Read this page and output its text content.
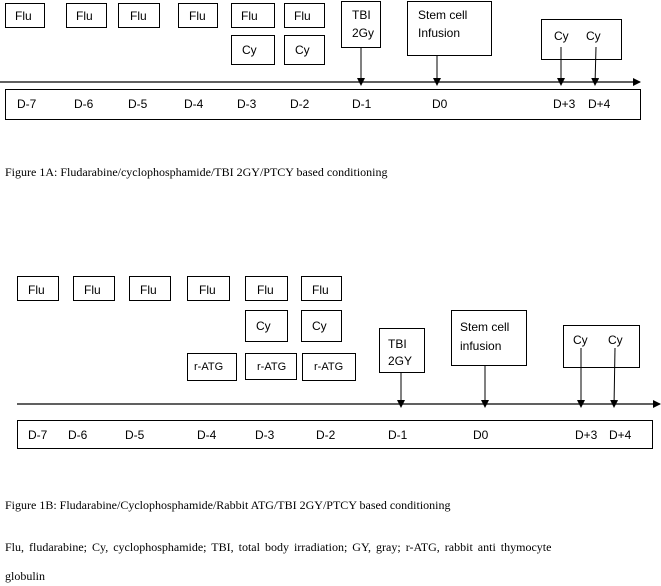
Flu	Flu	Flu	Flu	Flu	Flu
Cy	Cy
TBI
2Gy
Stem cell
Infusion	Cy Cy
D-7	D-6	D-5	D-4	D-3	D-2	D-1	D0	D+3 D+4
Figure 1A: Fludarabine/cyclophosphamide/TBI 2GY/PTCY based conditioning
Flu	Flu	Flu	Flu	Flu	Flu
Cy	Cy
r-ATG	r-ATG	r-ATG
TBI
2GY
Stem cell
infusion	Cy Cy
D-7 D-6	D-5	D-4	D-3	D-2	D-1	D0	D+3 D+4
Figure 1B: Fludarabine/Cyclophosphamide/Rabbit ATG/TBI 2GY/PTCY based conditioning
Flu, fludarabine; Cy, cyclophosphamide; TBI, total body irradiation; GY, gray; r-ATG, rabbit anti thymocyte
globulin
